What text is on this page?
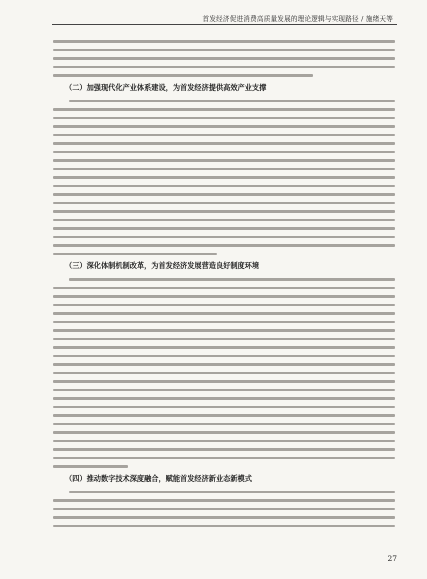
首发经济促进消费高质量发展的理论逻辑与实现路径 / 施绪天等
（二）加强现代化产业体系建设，为首发经济提供高效产业支撑
（三）深化体制机制改革，为首发经济发展营造良好制度环境
（四）推动数字技术深度融合，赋能首发经济新业态新模式
27
